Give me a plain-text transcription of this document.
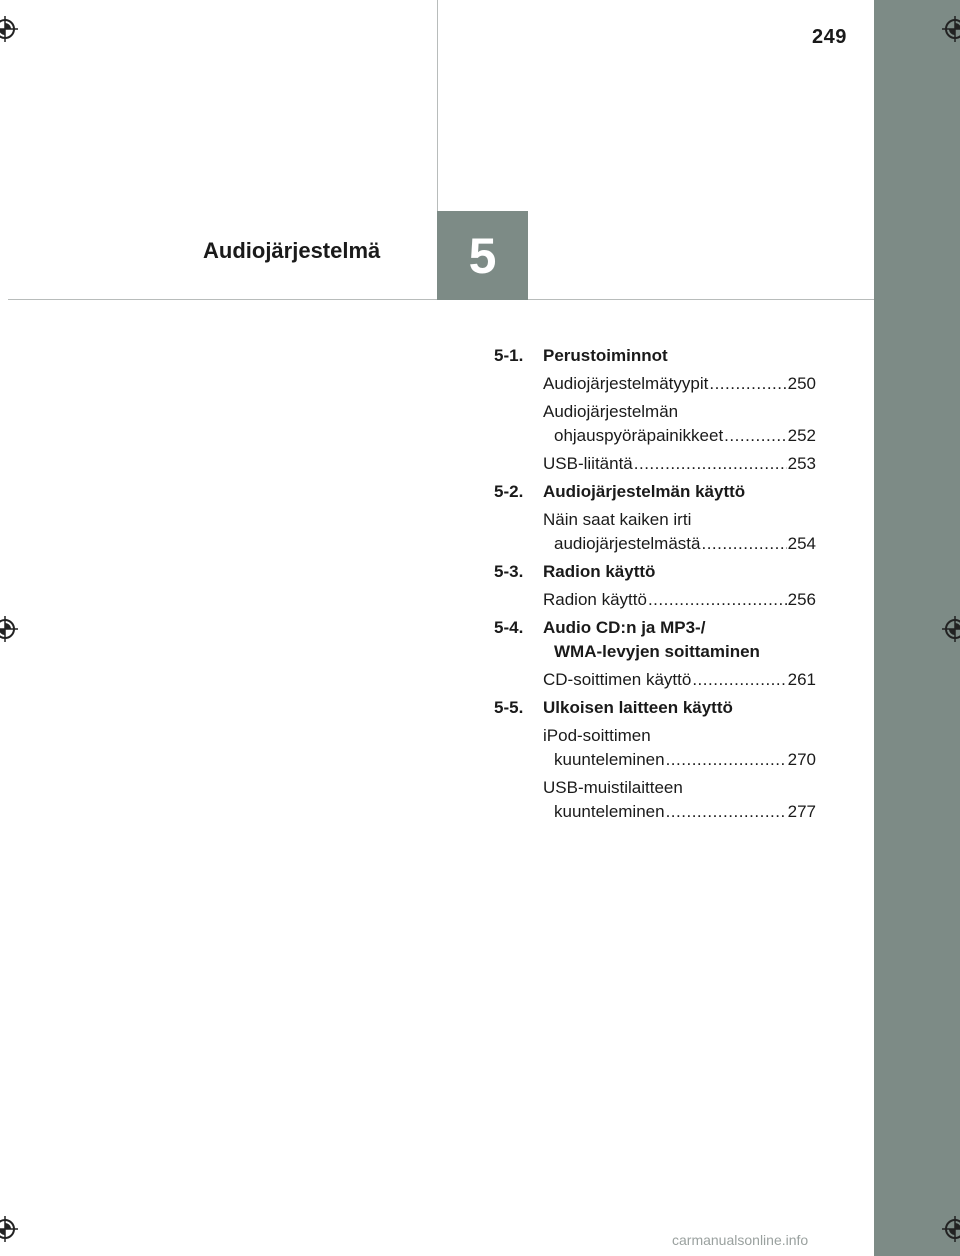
249
5
Audiojärjestelmä
5-1. Perustoiminnot
Audiojärjestelmätyypit .....	250
Audiojärjestelmän
ohjauspyöräpainikkeet .....	252
USB-liitäntä .....	253
5-2. Audiojärjestelmän käyttö
Näin saat kaiken irti
audiojärjestelmästä .....	254
5-3. Radion käyttö
Radion käyttö .....	256
5-4. Audio CD:n ja MP3-/
WMA-levyjen soittaminen
CD-soittimen käyttö .....	261
5-5. Ulkoisen laitteen käyttö
iPod-soittimen
kuunteleminen .....	270
USB-muistilaitteen
kuunteleminen .....	277
carmanualsonline.info
